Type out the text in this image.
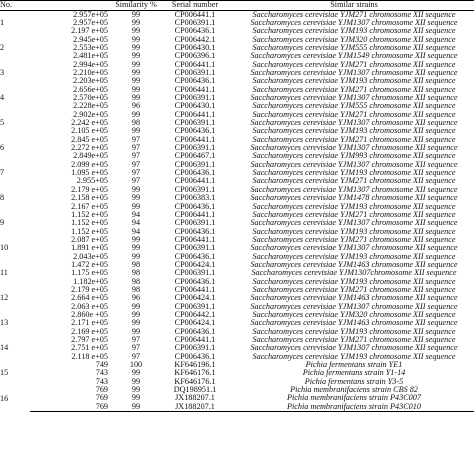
No.		Similarity %	Serial number	Similar strains
1	2.957e+05	99	CP006441.1	Saccharomyces cerevisiae YJM271 chromosome XII sequence
	2.957e+05	99	CP006391.1	Saccharomyces cerevisiae YJM1307 chromosome XII sequence
	2.197 e+05	99	CP006436.1	Saccharomyces cerevisiae YJM193 chromosome XII sequence
2	2.945e+05	99	CP006442.1	Saccharomyces cerevisiae YJM320 chromosome XII sequence
	2.553e+05	99	CP006430.1	Saccharomyces cerevisiae YJM555 chromosome XII sequence
	2.481e+05	99	CP006396.1	Saccharomyces cerevisiae YJM1549 chromosome XII sequence
3	2.994e+05	99	CP006441.1	Saccharomyces cerevisiae YJM271 chromosome XII sequence
	2.210e+05	99	CP006391.1	Saccharomyces cerevisiae YJM1307 chromosome XII sequence
	2.203e+05	99	CP006436.1	Saccharomyces cerevisiae YJM193 chromosome XII sequence
4	2.656e+05	99	CP006441.1	Saccharomyces cerevisiae YJM271 chromosome XII sequence
	2.570e+05	99	CP006391.1	Saccharomyces cerevisiae YJM1307 chromosome XII sequence
	2.228e+05	96	CP006430.1	Saccharomyces cerevisiae YJM555 chromosome XII sequence
5	2.902e+05	99	CP006441.1	Saccharomyces cerevisiae YJM271 chromosome XII sequence
	2.242 e+05	98	CP006391.1	Saccharomyces cerevisiae YJM1307 chromosome XII sequence
	2.105 e+05	99	CP006436.1	Saccharomyces cerevisiae YJM193 chromosome XII sequence
6	2.845 e+05	97	CP006441.1	Saccharomyces cerevisiae YJM271 chromosome XII sequence
	2.272 e+05	97	CP006391.1	Saccharomyces cerevisiae YJM1307 chromosome XII sequence
	2.849e+05	97	CP006467.1	Saccharomyces cerevisiae YJM993 chromosome XII sequence
7	2.099 e+05	97	CP006391.1	Saccharomyces cerevisiae YJM1307 chromosome XII sequence
	1.095 e+05	97	CP006436.1	Saccharomyces cerevisiae YJM193 chromosome XII sequence
	2.955+05	97	CP006441.1	Saccharomyces cerevisiae YJM271 chromosome XII sequence
8	2.179 e+05	99	CP006391.1	Saccharomyces cerevisiae YJM1307 chromosome XII sequence
	2.158 e+05	99	CP006383.1	Saccharomyces cerevisiae YJM1478 chromosome XII sequence
	2.167 e+05	99	CP006436.1	Saccharomyces cerevisiae YJM193 chromosome XII sequence
9	1.152 e+05	94	CP006441.1	Saccharomyces cerevisiae YJM271 chromosome XII sequence
	1.152 e+05	94	CP006391.1	Saccharomyces cerevisiae YJM1307 chromosome XII sequence
	1.152 e+05	94	CP006436.1	Saccharomyces cerevisiae YJM193 chromosome XII sequence
10	2.087 e+05	99	CP006441.1	Saccharomyces cerevisiae YJM271 chromosome XII sequence
	1.891 e+05	99	CP006391.1	Saccharomyces cerevisiae YJM1307 chromosome XII sequence
	2.043e+05	99	CP006436.1	Saccharomyces cerevisiae YJM193 chromosome XII sequence
11	1.472 e+05	98	CP006424.1	Saccharomyces cerevisiae YJM1463 chromosome XII sequence
	1.175 e+05	98	CP006391.1	Saccharomyces cerevisiae YJM1307chromosome XII sequence
	1.182e+05	98	CP006436.1	Saccharomyces cerevisiae YJM193 chromosome XII sequence
12	2.179 e+05	98	CP006441.1	Saccharomyces cerevisiae YJM271 chromosome XII sequence
	2.664 e+05	96	CP006424.1	Saccharomyces cerevisiae YJM1463 chromosome XII sequence
	2.063 e+05	99	CP006391.1	Saccharomyces cerevisiae YJM1307 chromosome XII sequence
13	2.860e +05	99	CP006442.1	Saccharomyces cerevisiae YJM320 chromosome XII sequence
	2.171 e+05	99	CP006424.1	Saccharomyces cerevisiae YJM1463 chromosome XII sequence
	2.169 e+05	99	CP006436.1	Saccharomyces cerevisiae YJM193 chromosome XII sequence
14	2.797 e+05	97	CP006441.1	Saccharomyces cerevisiae YJM271 chromosome XII sequence
	2.751 e+05	97	CP006391.1	Saccharomyces cerevisiae YJM1307 chromosome XII sequence
	2.118 e+05	97	CP006436.1	Saccharomyces cerevisiae YJM193 chromosome XII sequence
15	749	100	KF646196.1	Pichia fermentans strain YE1
	743	99	KF646176.1	Pichia fermentans strain Y1-14
	743	99	KF646176.1	Pichia fermentans strain Y3-5
16	769	99	DQ198951.1	Pichia membranifaciens strain CBS 82
	769	99	JX188207.1	Pichia membranifaciens strain P43C007
	769	99	JX188207.1	Pichia membranifaciens strain P43C010
